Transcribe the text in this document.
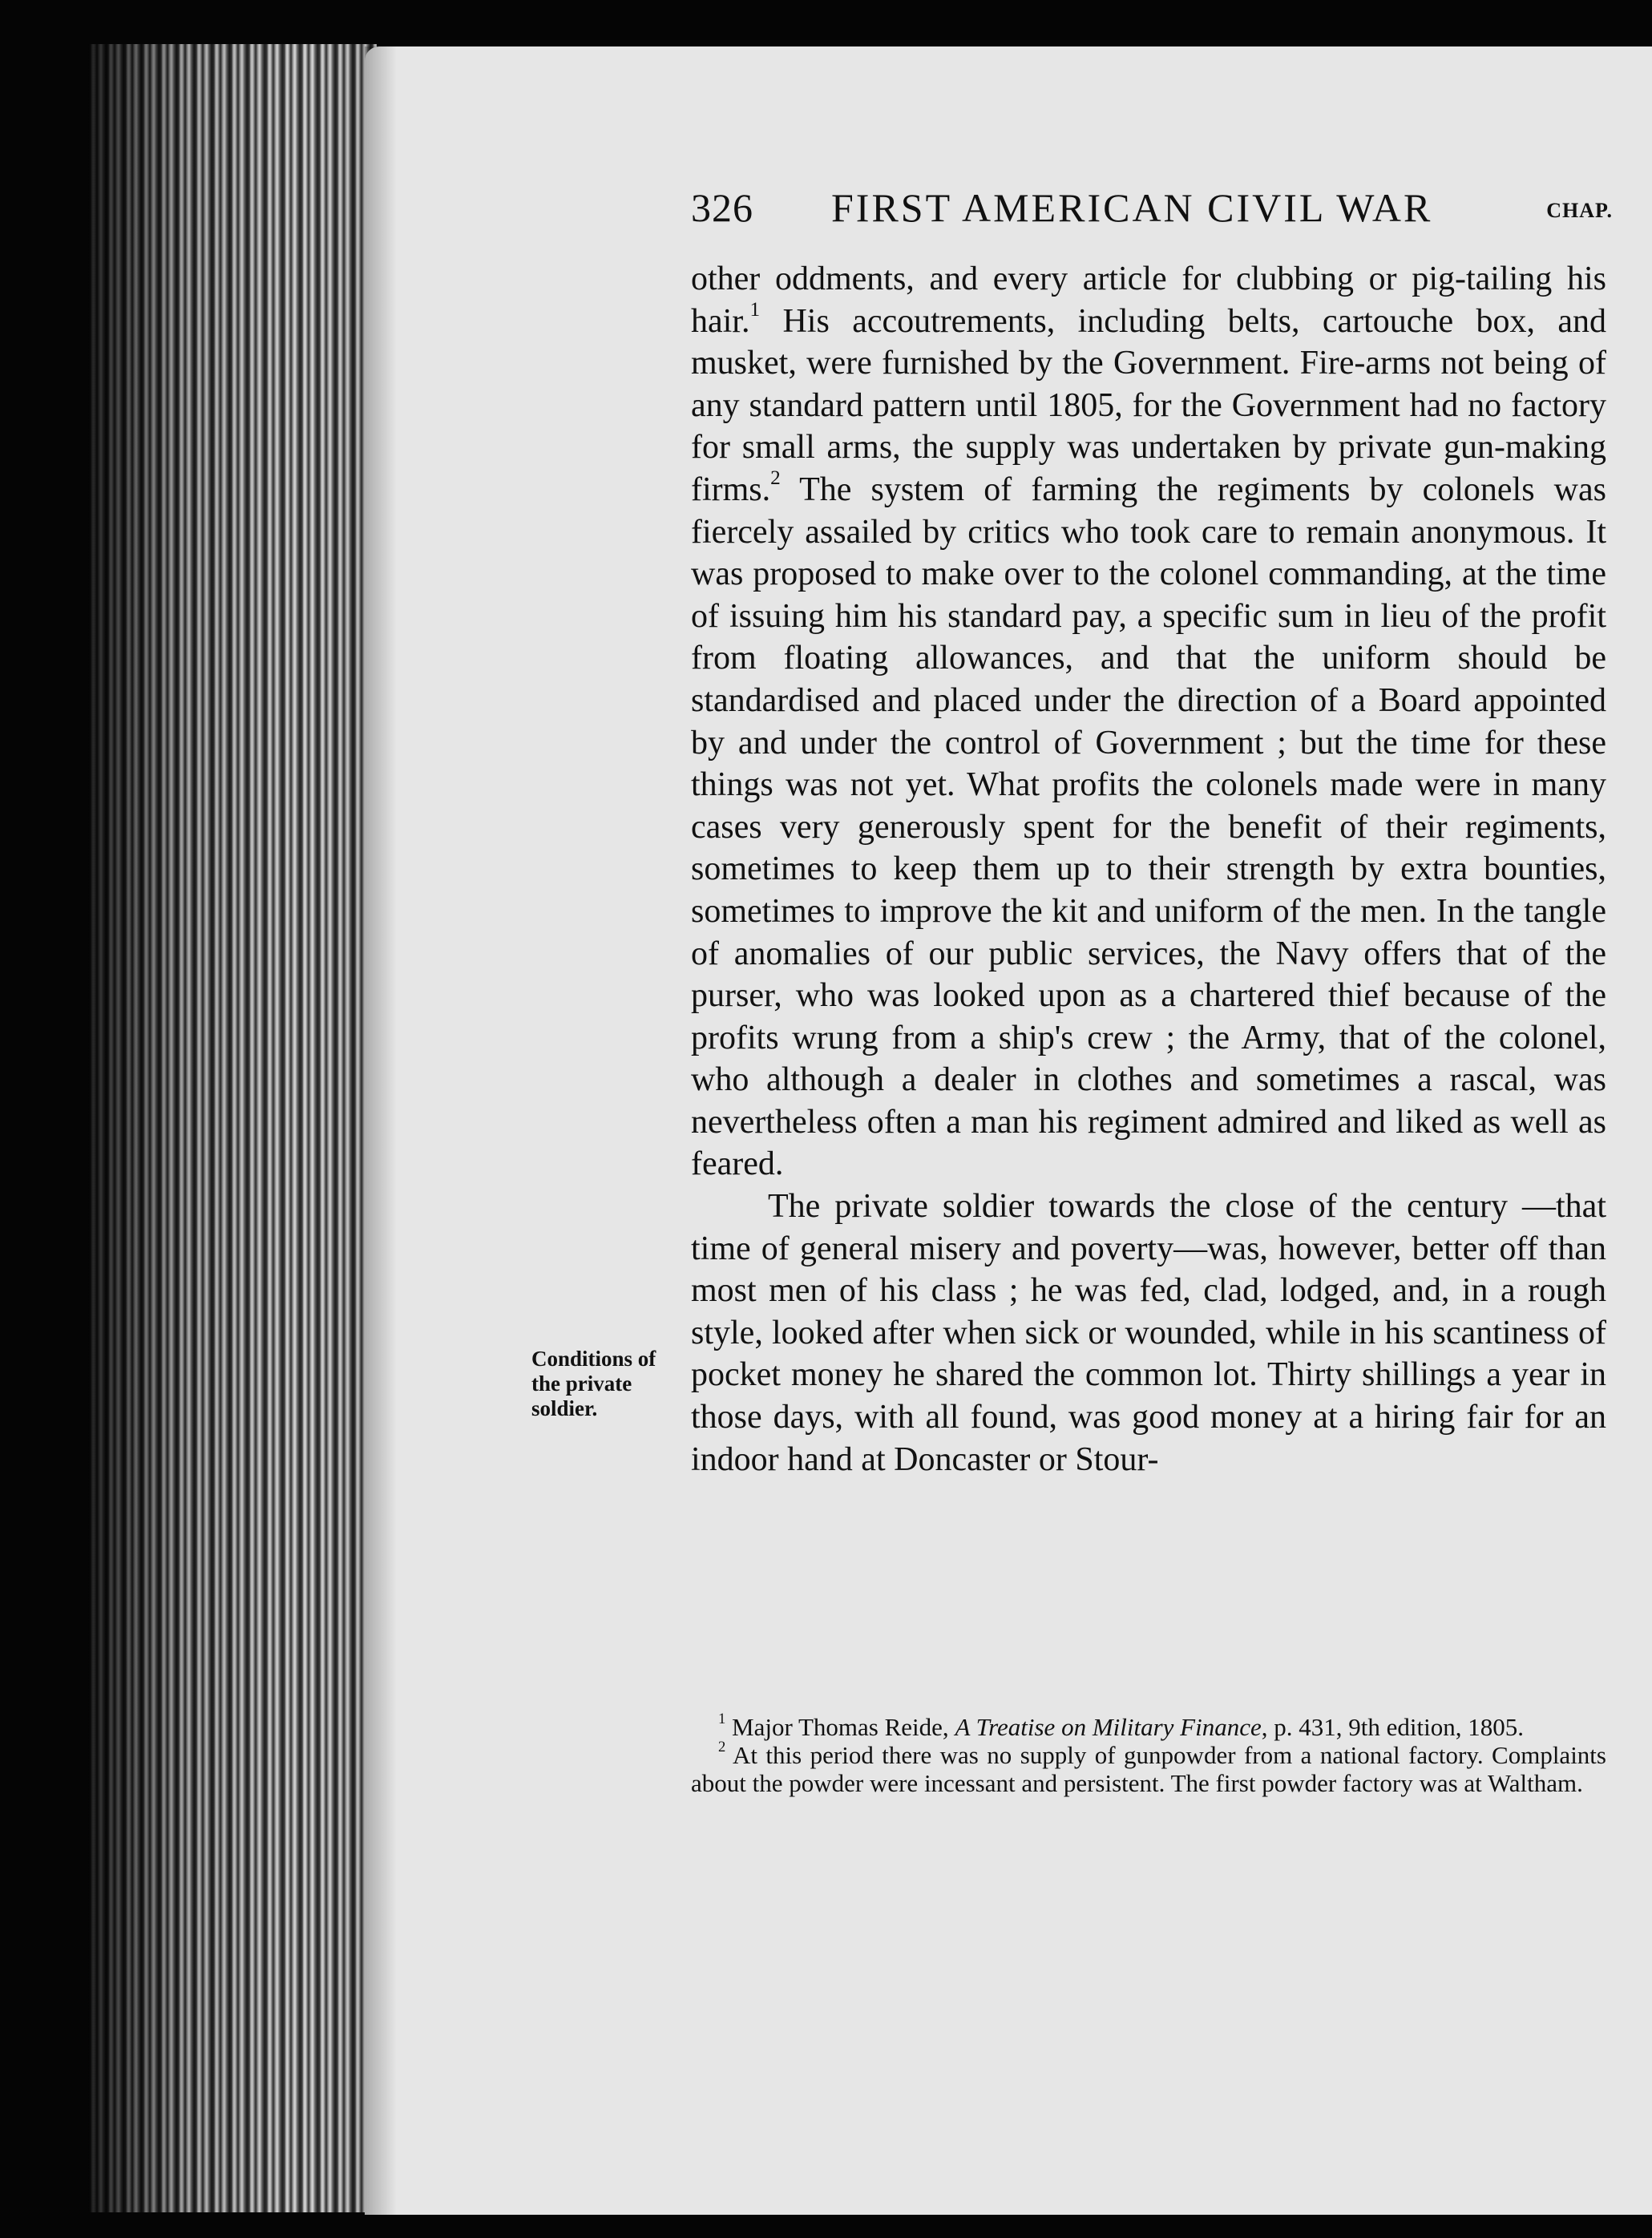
326 FIRST AMERICAN CIVIL WAR	CHAP.

other oddments, and every article for clubbing or pig-tailing his hair.$^1$ His accoutrements, including belts, cartouche box, and musket, were furnished by the Government. Fire-arms not being of any standard pattern until 1805, for the Government had no factory for small arms, the supply was undertaken by private gun-making firms.$^2$ The system of farming the regiments by colonels was fiercely assailed by critics who took care to remain anonymous. It was proposed to make over to the colonel commanding, at the time of issuing him his standard pay, a specific sum in lieu of the profit from floating allowances, and that the uniform should be standardised and placed under the direction of a Board appointed by and under the control of Government ; but the time for these things was not yet. What profits the colonels made were in many cases very generously spent for the benefit of their regiments, sometimes to keep them up to their strength by extra bounties, sometimes to improve the kit and uniform of the men. In the tangle of anomalies of our public services, the Navy offers that of the purser, who was looked upon as a chartered thief because of the profits wrung from a ship's crew ; the Army, that of the colonel, who although a dealer in clothes and sometimes a rascal, was nevertheless often a man his regiment admired and liked as well as feared.

The private soldier towards the close of the century —that time of general misery and poverty—was, however, better off than most men of his class ; he was fed, clad, lodged, and, in a rough style, looked after when sick or wounded, while in his scantiness of pocket money he shared the common lot. Thirty shillings a year in those days, with all found, was good money at a hiring fair for an indoor hand at Doncaster or Stour-

Conditions of the private soldier.

$^1$ Major Thomas Reide, A Treatise on Military Finance, p. 431, 9th edition, 1805.

$^2$ At this period there was no supply of gunpowder from a national factory. Complaints about the powder were incessant and persistent. The first powder factory was at Waltham.
